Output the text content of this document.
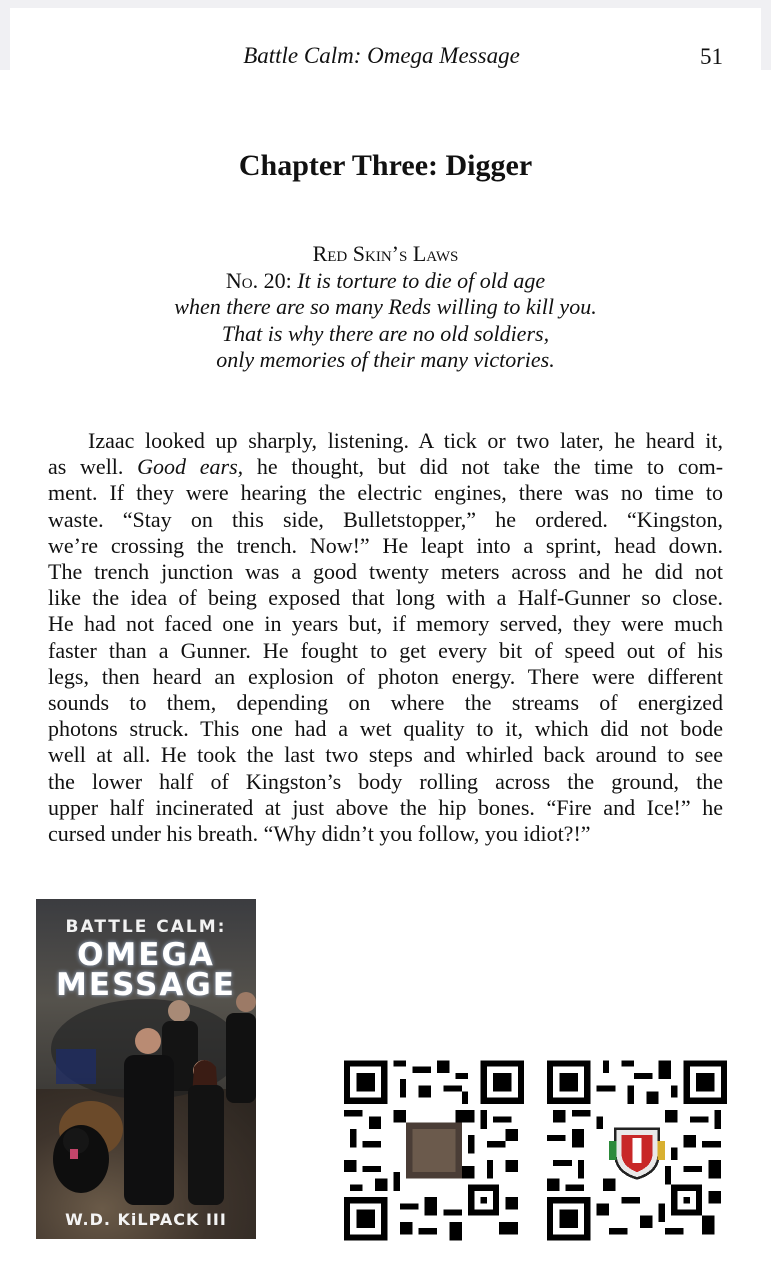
Battle Calm: Omega Message	51
Chapter Three: Digger
Red Skin’s Laws
No. 20: It is torture to die of old age
when there are so many Reds willing to kill you.
That is why there are no old soldiers,
only memories of their many victories.
Izaac looked up sharply, listening. A tick or two later, he heard it,
as well. Good ears, he thought, but did not take the time to com-
ment. If they were hearing the electric engines, there was no time to
waste. “Stay on this side, Bulletstopper,” he ordered. “Kingston,
we’re crossing the trench. Now!” He leapt into a sprint, head down.
The trench junction was a good twenty meters across and he did not
like the idea of being exposed that long with a Half-Gunner so close.
He had not faced one in years but, if memory served, they were much
faster than a Gunner. He fought to get every bit of speed out of his
legs, then heard an explosion of photon energy. There were different
sounds to them, depending on where the streams of energized
photons struck. This one had a wet quality to it, which did not bode
well at all. He took the last two steps and whirled back around to see
the lower half of Kingston’s body rolling across the ground, the
upper half incinerated at just above the hip bones. “Fire and Ice!” he
cursed under his breath. “Why didn’t you follow, you idiot?!”
BATTLE CALM:
OMEGA
MESSAGE
W.D. KiLPACK III
